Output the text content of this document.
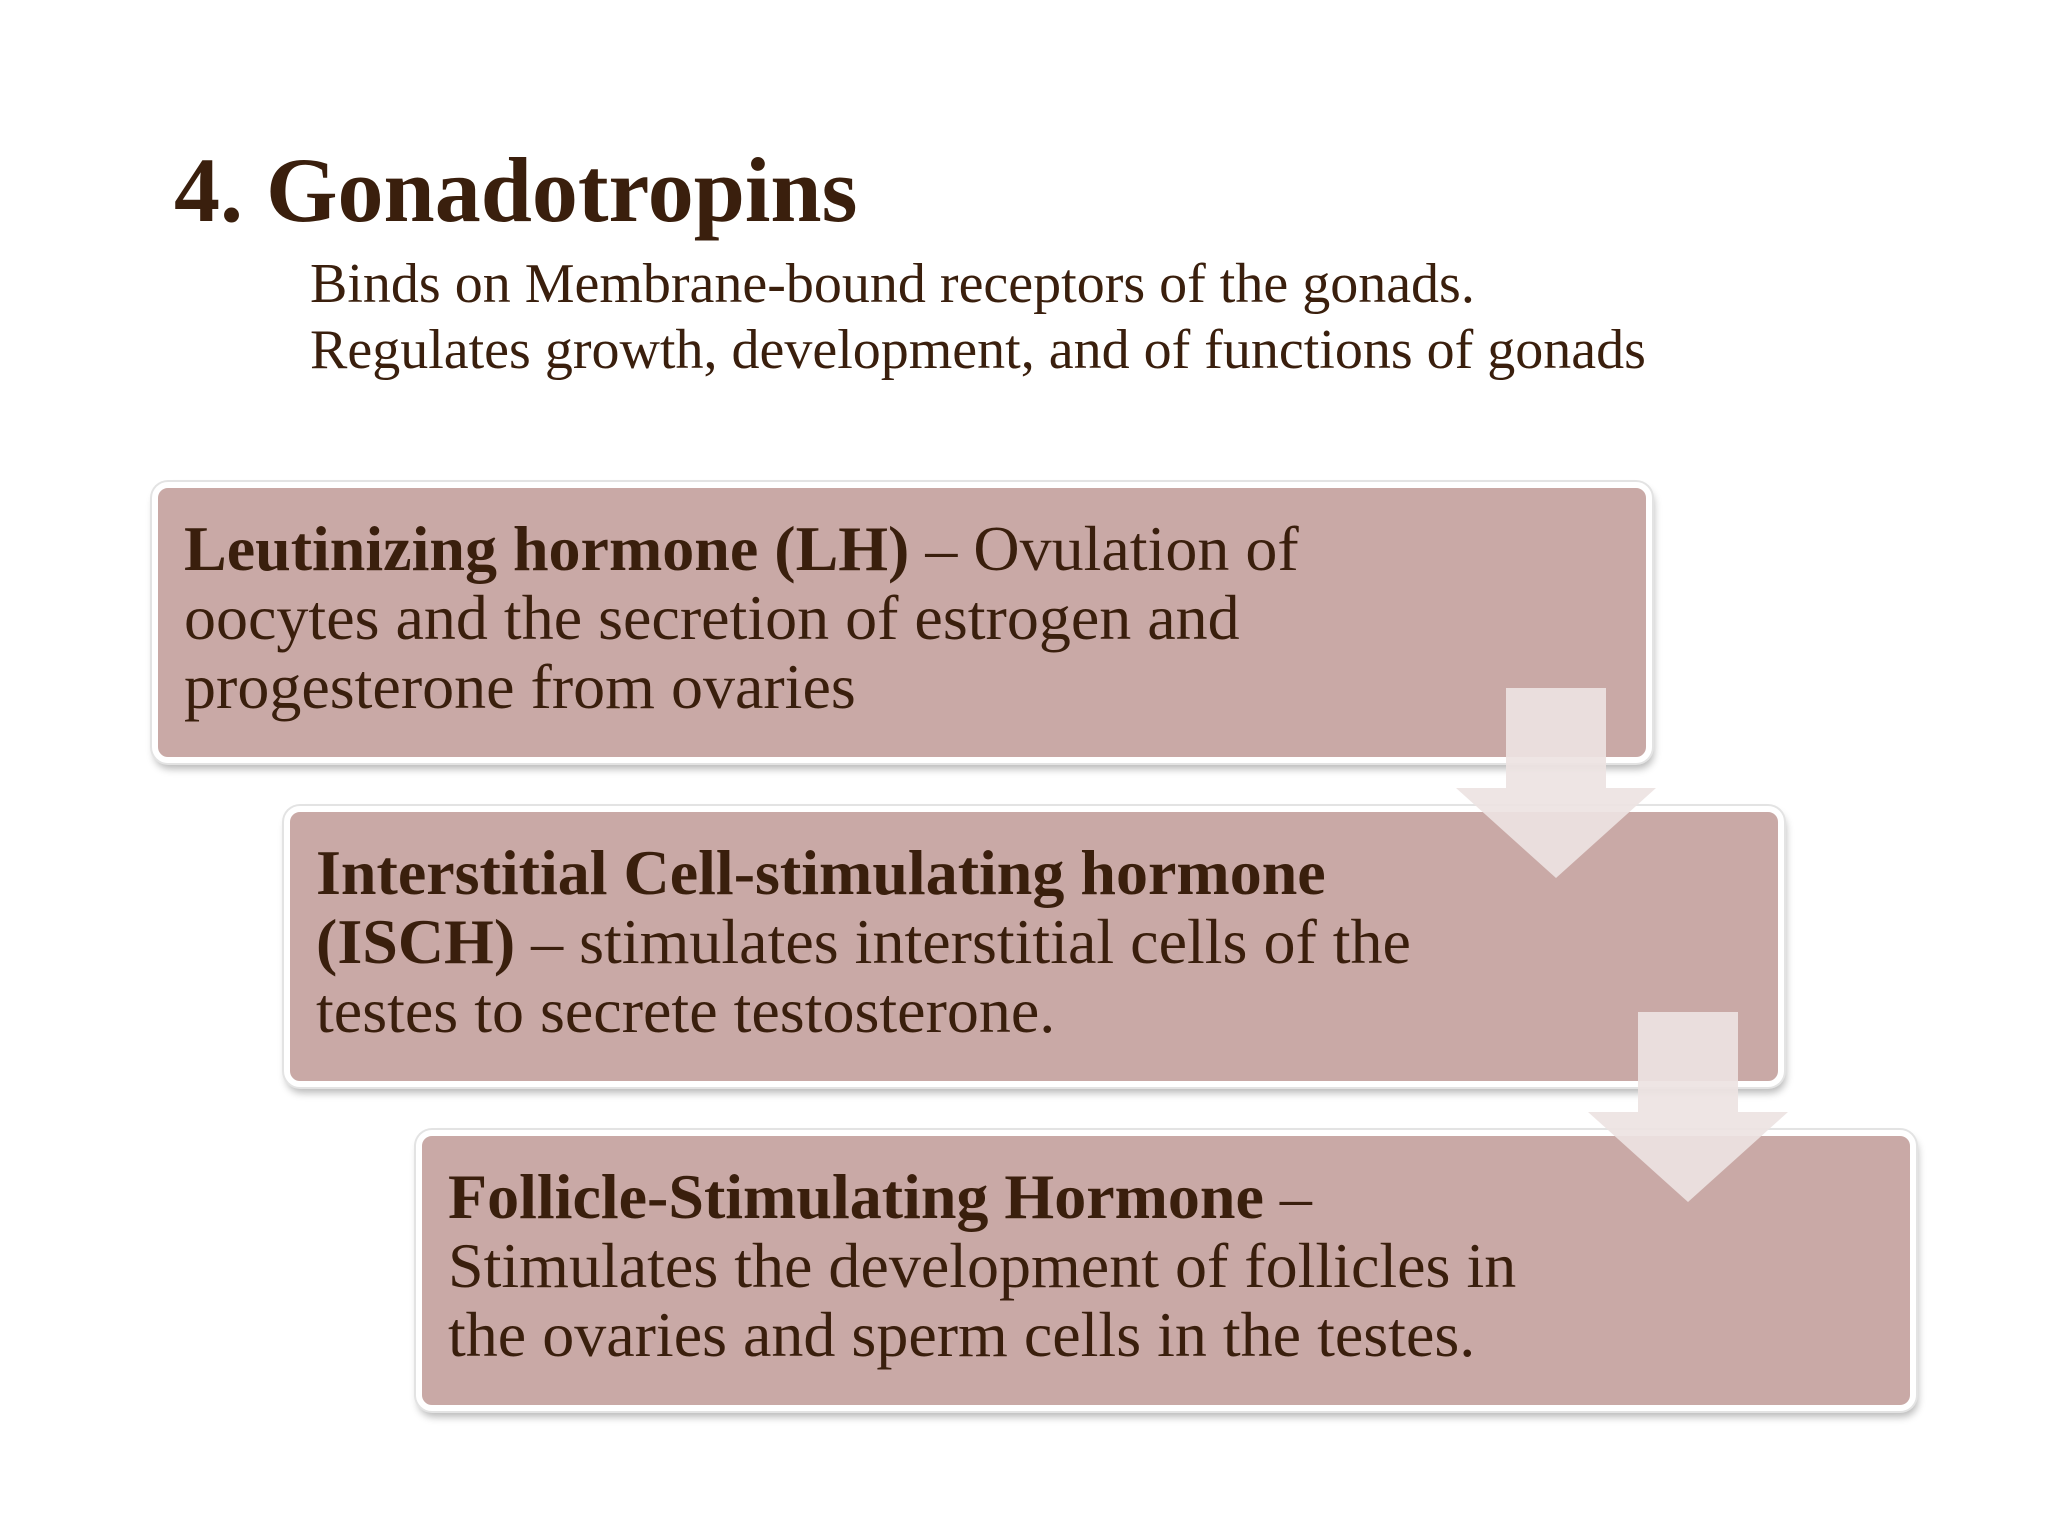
4. Gonadotropins
Binds on Membrane-bound receptors of the gonads.
Regulates growth, development, and of functions of gonads
Leutinizing hormone (LH) – Ovulation of oocytes and the secretion of estrogen and progesterone from ovaries
Interstitial Cell-stimulating hormone (ISCH) – stimulates interstitial cells of the testes to secrete testosterone.
Follicle-Stimulating Hormone – Stimulates the development of follicles in the ovaries and sperm cells in the testes.
